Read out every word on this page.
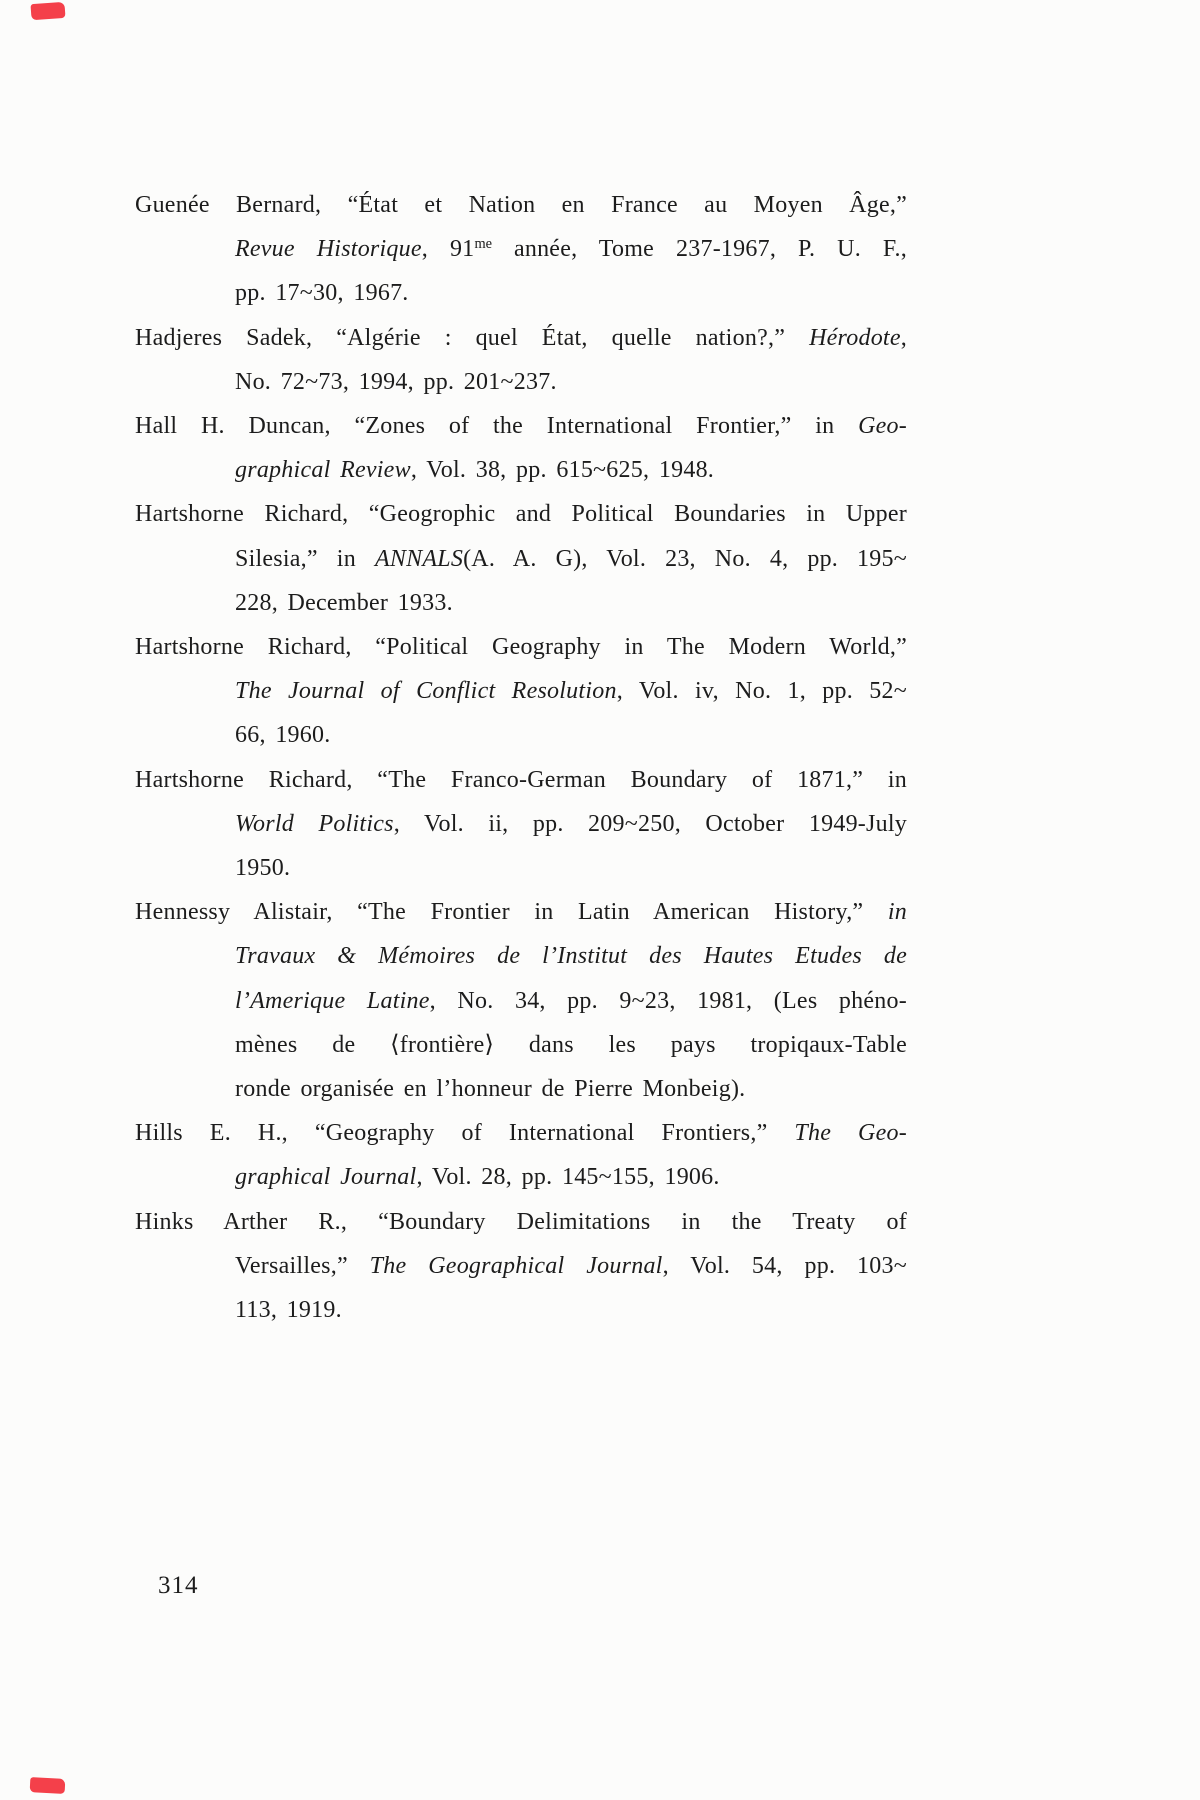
Guenée Bernard, “État et Nation en France au Moyen Âge,”
Revue Historique, $91^{me}$ année, Tome 237-1967, P. U. F.,
pp. 17~30, 1967.
Hadjeres Sadek, “Algérie : quel État, quelle nation?,” Hérodote,
No. 72~73, 1994, pp. 201~237.
Hall H. Duncan, “Zones of the International Frontier,” in Geo-
graphical Review, Vol. 38, pp. 615~625, 1948.
Hartshorne Richard, “Geogrophic and Political Boundaries in Upper
Silesia,” in ANNALS(A. A. G), Vol. 23, No. 4, pp. 195~
228, December 1933.
Hartshorne Richard, “Political Geography in The Modern World,”
The Journal of Conflict Resolution, Vol. iv, No. 1, pp. 52~
66, 1960.
Hartshorne Richard, “The Franco-German Boundary of 1871,” in
World Politics, Vol. ii, pp. 209~250, October 1949-July
1950.
Hennessy Alistair, “The Frontier in Latin American History,” in
Travaux & Mémoires de l’Institut des Hautes Etudes de
l’Amerique Latine, No. 34, pp. 9~23, 1981, (Les phéno-
mènes de ⟨frontière⟩ dans les pays tropiqaux-Table
ronde organisée en l’honneur de Pierre Monbeig).
Hills E. H., “Geography of International Frontiers,” The Geo-
graphical Journal, Vol. 28, pp. 145~155, 1906.
Hinks Arther R., “Boundary Delimitations in the Treaty of
Versailles,” The Geographical Journal, Vol. 54, pp. 103~
113, 1919.
314
